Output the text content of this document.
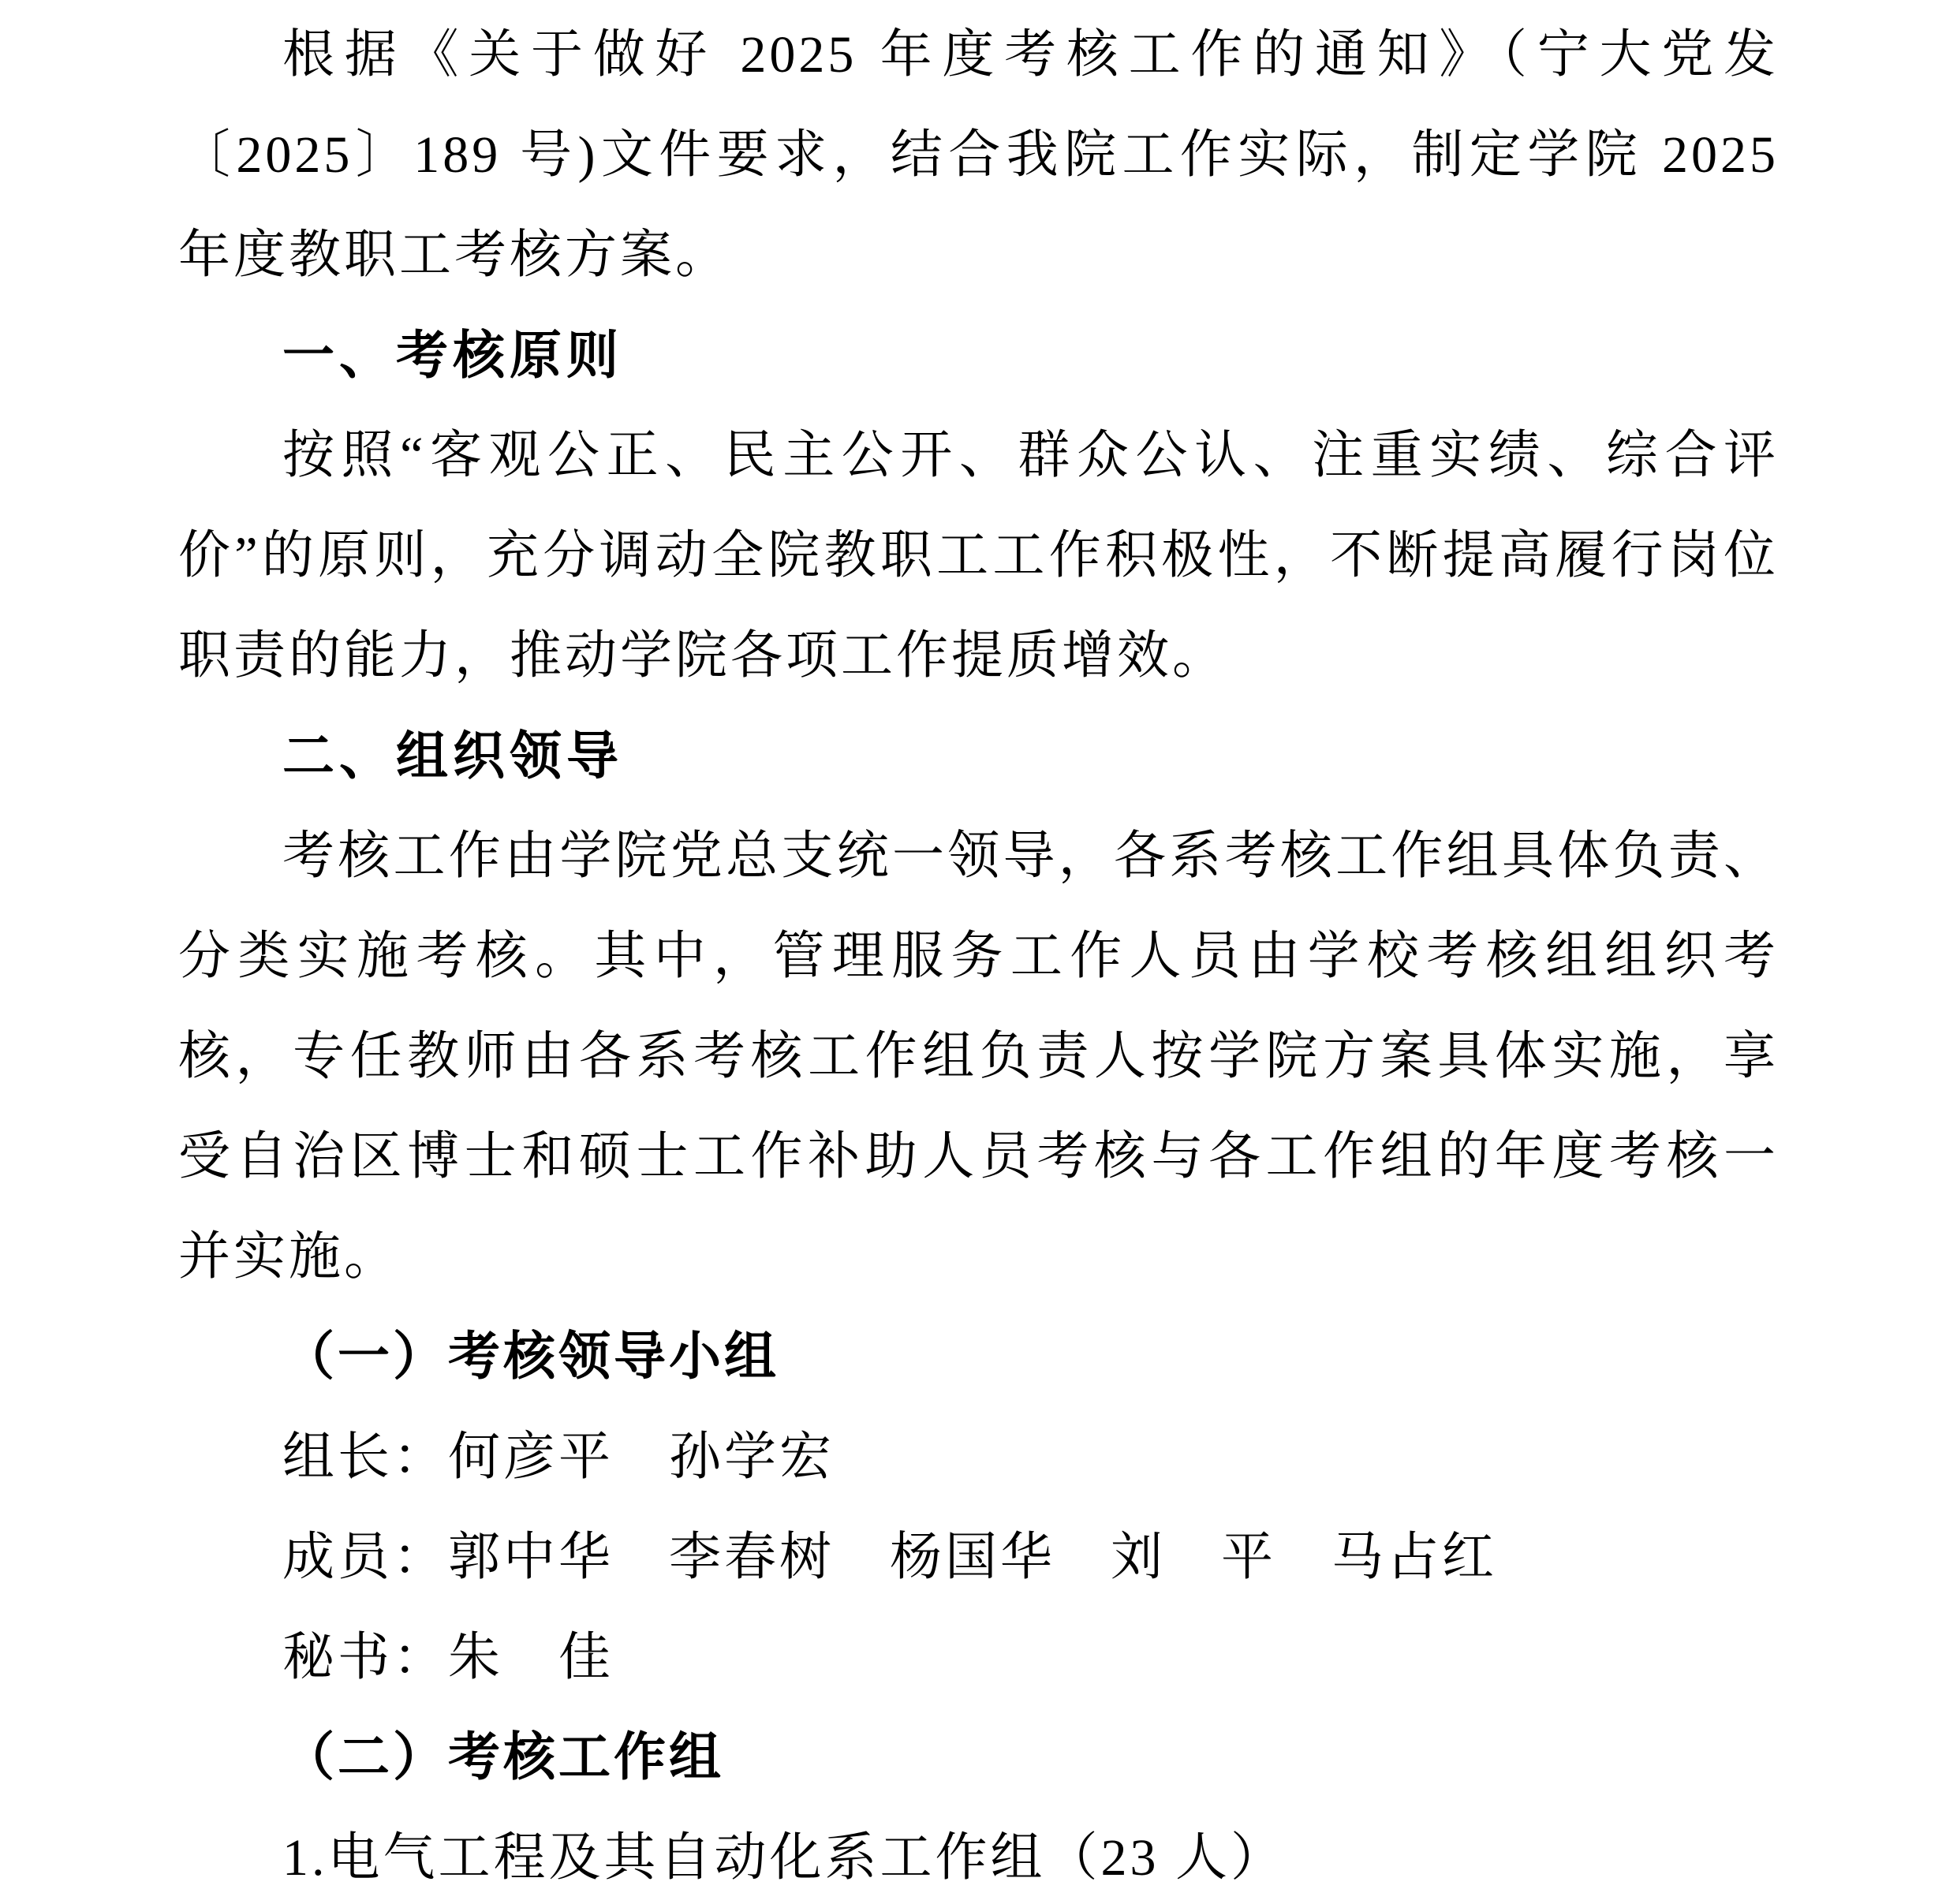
根据《关于做好 2025 年度考核工作的通知》（宁大党发〔2025〕189 号)文件要求，结合我院工作实际，制定学院 2025 年度教职工考核方案。

一、考核原则

按照“客观公正、民主公开、群众公认、注重实绩、综合评价”的原则，充分调动全院教职工工作积极性，不断提高履行岗位职责的能力，推动学院各项工作提质增效。

二、组织领导

考核工作由学院党总支统一领导，各系考核工作组具体负责、分类实施考核。其中，管理服务工作人员由学校考核组组织考核，专任教师由各系考核工作组负责人按学院方案具体实施，享受自治区博士和硕士工作补助人员考核与各工作组的年度考核一并实施。

（一）考核领导小组

组长：何彦平　孙学宏

成员：郭中华　李春树　杨国华　刘　平　马占红

秘书：朱　佳

（二）考核工作组

1.电气工程及其自动化系工作组（23 人）
